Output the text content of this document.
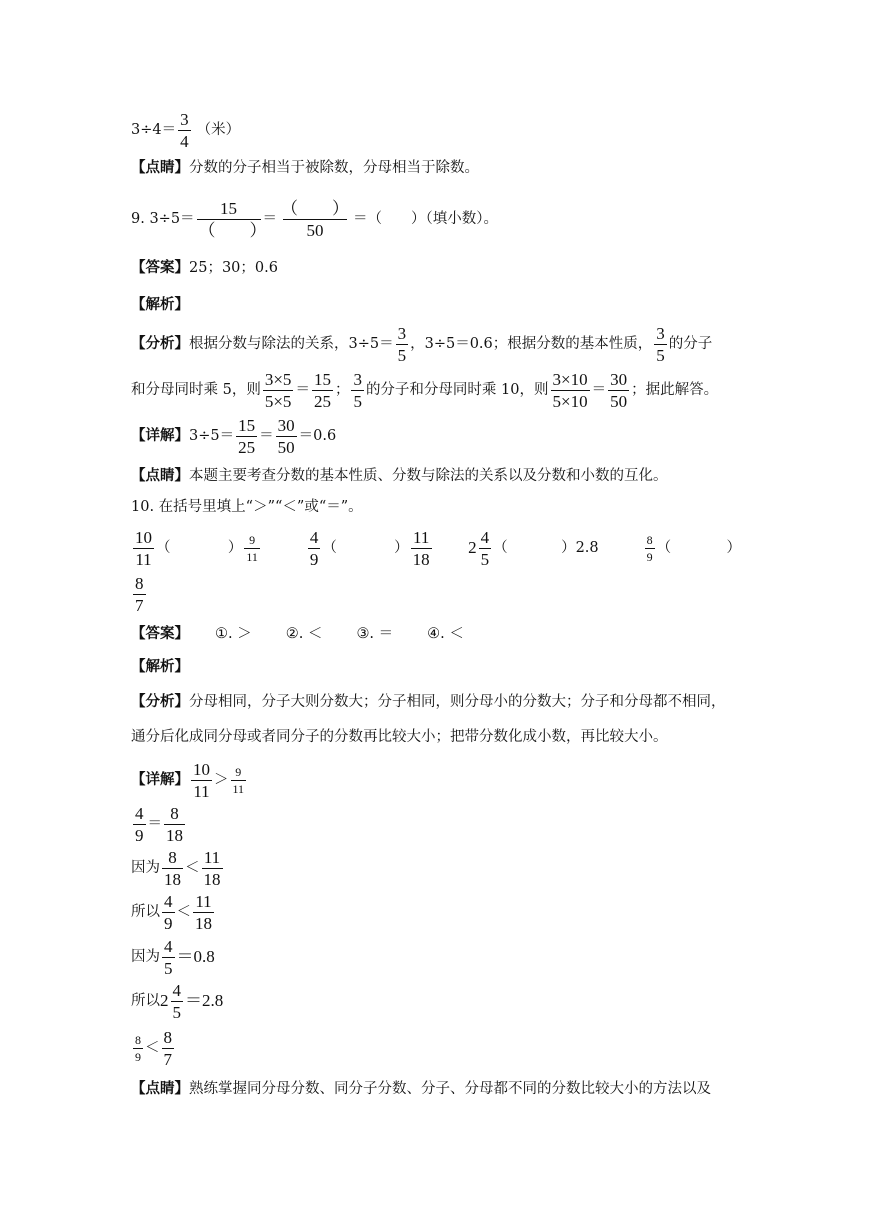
$3\div 4= \frac{3}{4}$ （米）
【点睛】 分数的分子相当于被除数，分母相当于除数。
9. $3\div 5= \frac{15}{( )} = \frac{( )}{50}$ ＝（　　）（填小数）。
【答案】 25；30；0.6
【解析】
【分析】 根据分数与除法的关系，$3\div 5= \frac{3}{5}$ ，3÷5＝0.6；根据分数的基本性质， $\frac{3}{5}$ 的分子
和分母同时乘 5，则 $\frac{3\times 5}{5\times 5} = \frac{15}{25}$ ； $\frac{3}{5}$ 的分子和分母同时乘 10，则 $\frac{3\times 10}{5\times 10} = \frac{30}{50}$ ；据此解答。
【详解】 $3\div 5= \frac{15}{25} = \frac{30}{50} =0.6$
【点睛】 本题主要考查分数的基本性质、分数与除法的关系以及分数和小数的互化。
10. 在括号里填上“＞”“＜”或“＝”。
$\frac{10}{11}$ （	） $\frac{9}{11}$	$\frac{4}{9}$ （	） $\frac{11}{18} 2 \frac{4}{5}$ （	） 2.8	$\frac{8}{9}$ （	）
$\frac{8}{7}$
【答案】 ①. ＞ ②. ＜ ③. ＝ ④. ＜
【解析】
【分析】 分母相同，分子大则分数大；分子相同，则分母小的分数大；分子和分母都不相同，
通分后化成同分母或者同分子的分数再比较大小；把带分数化成小数，再比较大小。
【详解】 $\frac{10}{11} > \frac{9}{11}$
$\frac{4}{9} = \frac{8}{18}$
因为 $\frac{8}{18} < \frac{11}{18}$
所以 $\frac{4}{9} < \frac{11}{18}$
因为 $\frac{4}{5} =0.8$
所以 $2 \frac{4}{5} =2.8$
$\frac{8}{9} < \frac{8}{7}$
【点睛】 熟练掌握同分母分数、同分子分数、分子、分母都不同的分数比较大小的方法以及
